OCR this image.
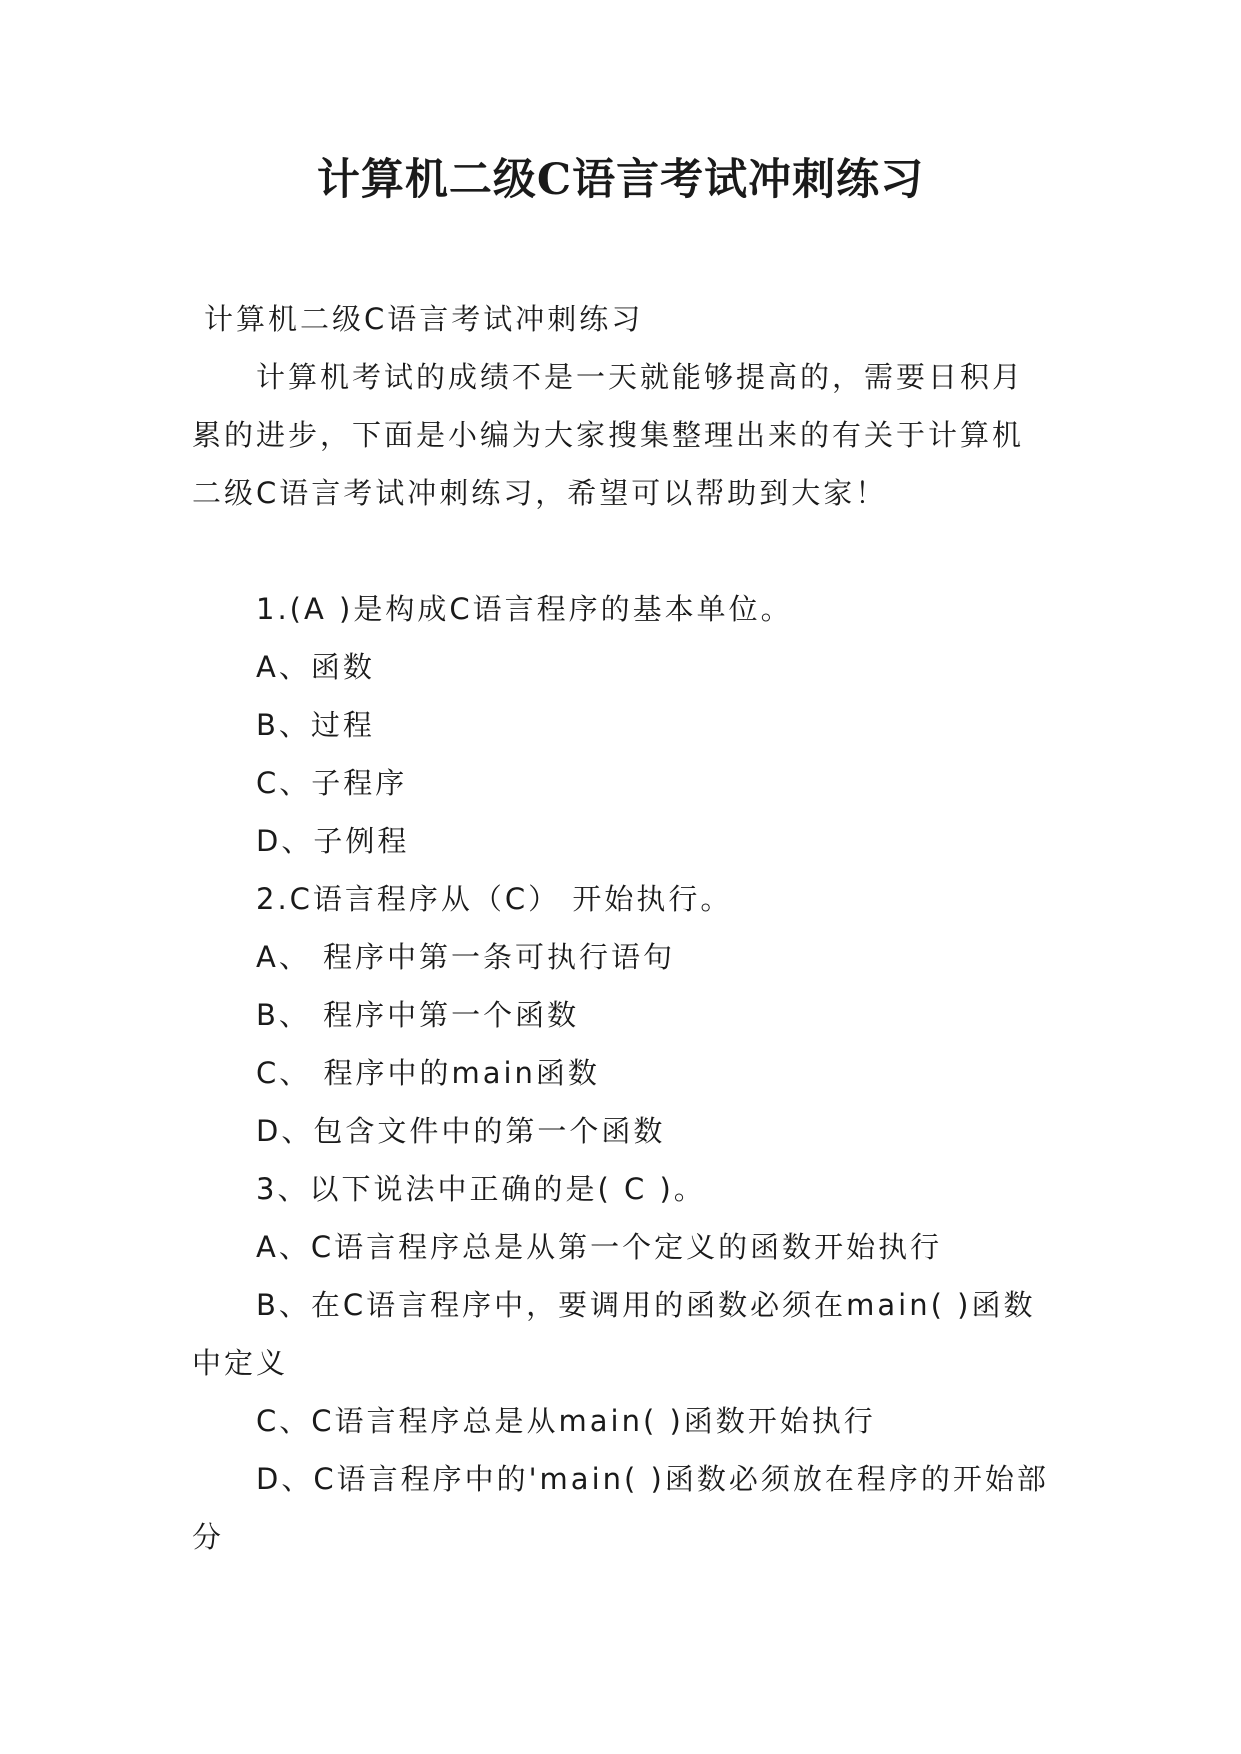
计算机二级C语言考试冲刺练习

计算机二级C语言考试冲刺练习

计算机考试的成绩不是一天就能够提高的，需要日积月累的进步，下面是小编为大家搜集整理出来的有关于计算机二级C语言考试冲刺练习，希望可以帮助到大家！

1.(A )是构成C语言程序的基本单位。

A、函数

B、过程

C、子程序

D、子例程

2.C语言程序从（C） 开始执行。

A、 程序中第一条可执行语句

B、 程序中第一个函数

C、 程序中的main函数

D、包含文件中的第一个函数

3、以下说法中正确的是( C )。

A、C语言程序总是从第一个定义的函数开始执行

B、在C语言程序中，要调用的函数必须在main( )函数中定义

C、C语言程序总是从main( )函数开始执行

D、C语言程序中的'main( )函数必须放在程序的开始部分
